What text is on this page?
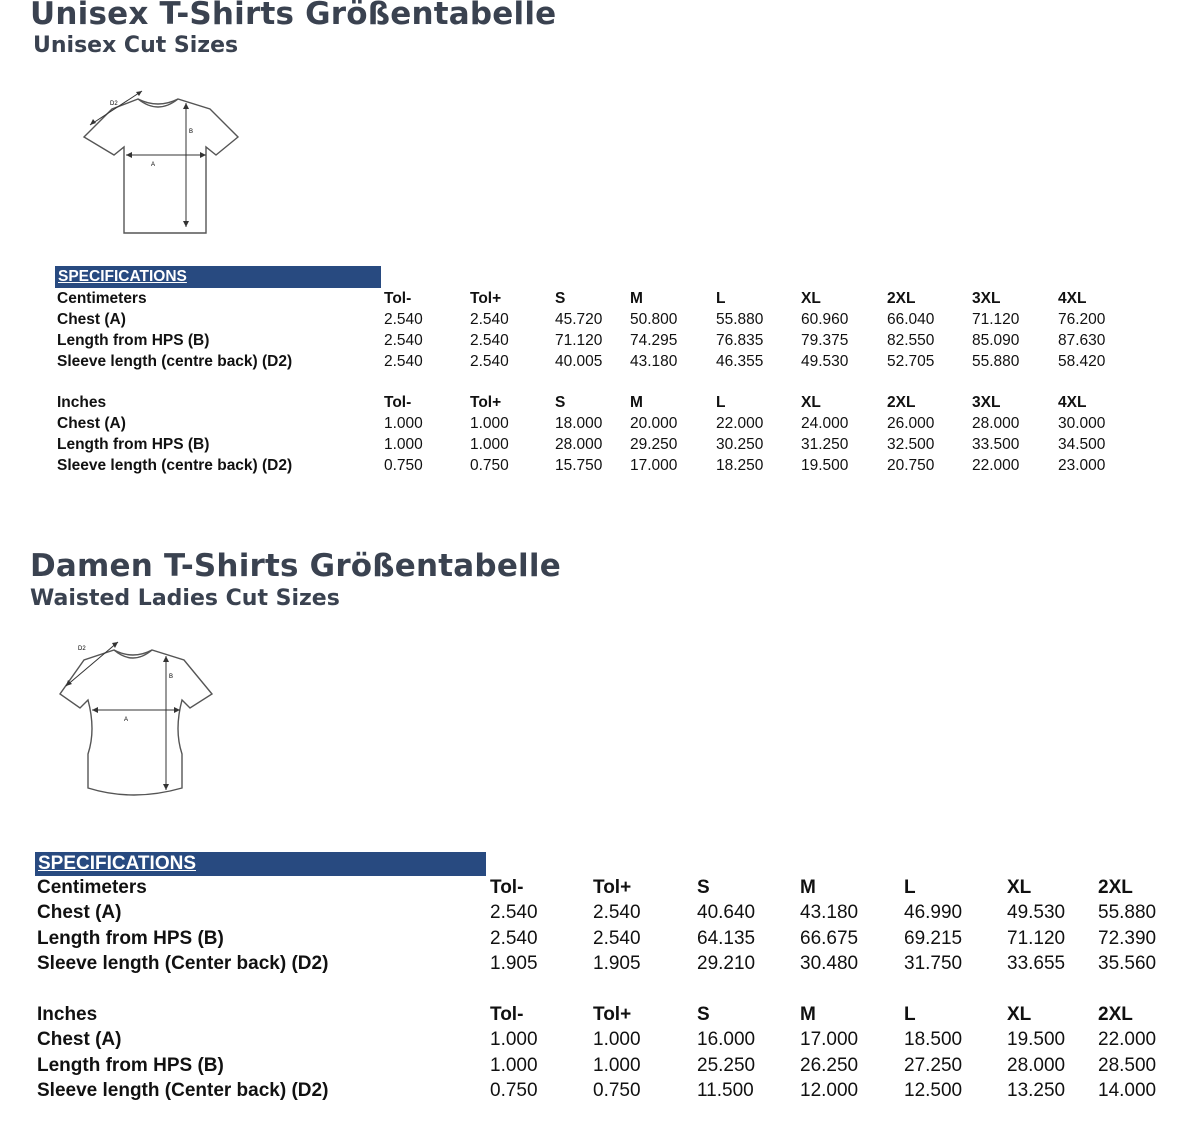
Unisex T-Shirts Größentabelle
Unisex Cut Sizes
D2
A
B
SPECIFICATIONS
Centimeters	Tol-	Tol+	S	M	L	XL	2XL	3XL	4XL
Chest (A)	2.540	2.540	45.720 50.800 55.880 60.960 66.040 71.120 76.200
Length from HPS (B)	2.540	2.540	71.120 74.295 76.835 79.375 82.550 85.090 87.630
Sleeve length (centre back) (D2)	2.540	2.540	40.005 43.180 46.355 49.530 52.705 55.880 58.420
Inches	Tol-	Tol+	S	M	L	XL	2XL	3XL	4XL
Chest (A)	1.000	1.000	18.000 20.000 22.000 24.000 26.000 28.000 30.000
Length from HPS (B)	1.000	1.000	28.000 29.250 30.250 31.250 32.500 33.500 34.500
Sleeve length (centre back) (D2)	0.750	0.750	15.750 17.000 18.250 19.500 20.750 22.000 23.000
Damen T-Shirts Größentabelle
Waisted Ladies Cut Sizes
D2
A
B
SPECIFICATIONS
Centimeters	Tol-	Tol+	S	M	L	XL	2XL
Chest (A)	2.540	2.540	40.640 43.180 46.990 49.530 55.880
Length from HPS (B)	2.540	2.540	64.135 66.675 69.215 71.120 72.390
Sleeve length (Center back) (D2)	1.905	1.905	29.210 30.480 31.750 33.655 35.560
Inches	Tol-	Tol+	S	M	L	XL	2XL
Chest (A)	1.000	1.000	16.000 17.000 18.500 19.500 22.000
Length from HPS (B)	1.000	1.000	25.250 26.250 27.250 28.000 28.500
Sleeve length (Center back) (D2)	0.750	0.750	11.500 12.000 12.500 13.250 14.000
